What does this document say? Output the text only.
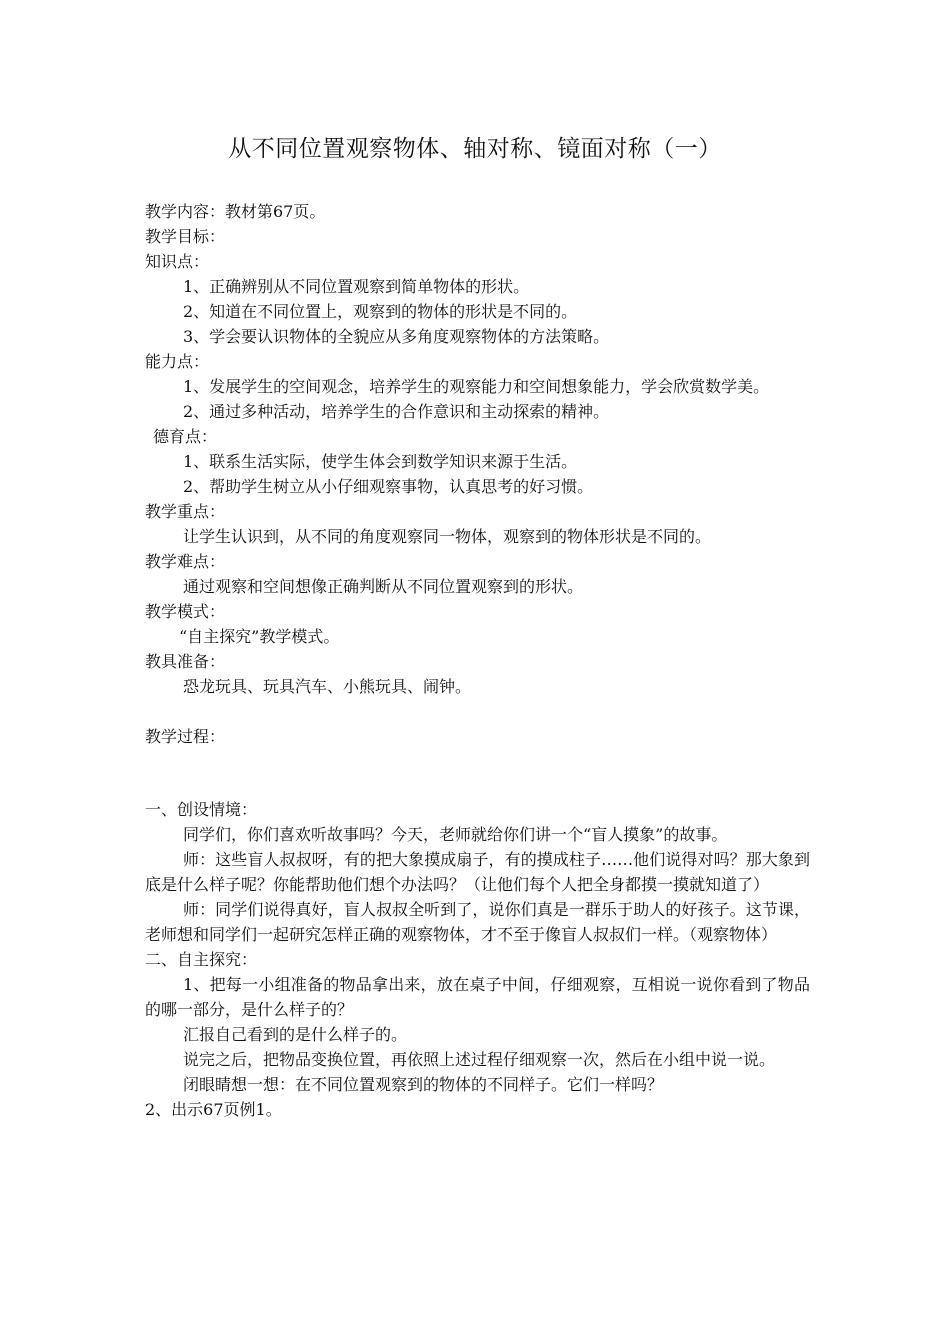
从不同位置观察物体、轴对称、镜面对称（一）
教学内容：教材第67页。
教学目标：
知识点：
1、正确辨别从不同位置观察到简单物体的形状。
2、知道在不同位置上，观察到的物体的形状是不同的。
3、学会要认识物体的全貌应从多角度观察物体的方法策略。
能力点：
1、发展学生的空间观念，培养学生的观察能力和空间想象能力，学会欣赏数学美。
2、通过多种活动，培养学生的合作意识和主动探索的精神。
德育点：
1、联系生活实际，使学生体会到数学知识来源于生活。
2、帮助学生树立从小仔细观察事物，认真思考的好习惯。
教学重点：
让学生认识到，从不同的角度观察同一物体，观察到的物体形状是不同的。
教学难点：
通过观察和空间想像正确判断从不同位置观察到的形状。
教学模式：
“自主探究”教学模式。
教具准备：
恐龙玩具、玩具汽车、小熊玩具、闹钟。
教学过程：
一、创设情境：
同学们，你们喜欢听故事吗？今天，老师就给你们讲一个“盲人摸象”的故事。
师：这些盲人叔叔呀，有的把大象摸成扇子，有的摸成柱子……他们说得对吗？那大象到底是什么样子呢？你能帮助他们想个办法吗？（让他们每个人把全身都摸一摸就知道了）
师：同学们说得真好，盲人叔叔全听到了，说你们真是一群乐于助人的好孩子。这节课，老师想和同学们一起研究怎样正确的观察物体，才不至于像盲人叔叔们一样。（观察物体）
二、自主探究：
1、把每一小组准备的物品拿出来，放在桌子中间，仔细观察，互相说一说你看到了物品的哪一部分，是什么样子的？
汇报自己看到的是什么样子的。
说完之后，把物品变换位置，再依照上述过程仔细观察一次，然后在小组中说一说。
闭眼睛想一想：在不同位置观察到的物体的不同样子。它们一样吗？
2、出示67页例1。
